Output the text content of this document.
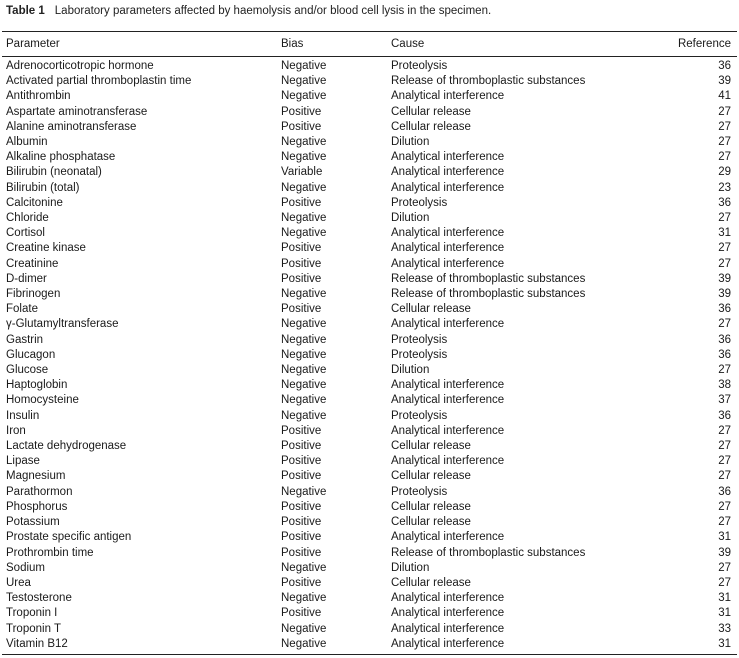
Table 1 Laboratory parameters affected by haemolysis and/or blood cell lysis in the specimen.
Parameter	Bias	Cause	Reference

Adrenocorticotropic hormone	Negative	Proteolysis	36
Activated partial thromboplastin time	Negative	Release of thromboplastic substances	39
Antithrombin	Negative	Analytical interference	41
Aspartate aminotransferase	Positive	Cellular release	27
Alanine aminotransferase	Positive	Cellular release	27
Albumin	Negative	Dilution	27
Alkaline phosphatase	Negative	Analytical interference	27
Bilirubin (neonatal)	Variable	Analytical interference	29
Bilirubin (total)	Negative	Analytical interference	23
Calcitonine	Positive	Proteolysis	36
Chloride	Negative	Dilution	27
Cortisol	Negative	Analytical interference	31
Creatine kinase	Positive	Analytical interference	27
Creatinine	Positive	Analytical interference	27
D-dimer	Positive	Release of thromboplastic substances	39
Fibrinogen	Negative	Release of thromboplastic substances	39
Folate	Positive	Cellular release	36
γ-Glutamyltransferase	Negative	Analytical interference	27
Gastrin	Negative	Proteolysis	36
Glucagon	Negative	Proteolysis	36
Glucose	Negative	Dilution	27
Haptoglobin	Negative	Analytical interference	38
Homocysteine	Negative	Analytical interference	37
Insulin	Negative	Proteolysis	36
Iron	Positive	Analytical interference	27
Lactate dehydrogenase	Positive	Cellular release	27
Lipase	Positive	Analytical interference	27
Magnesium	Positive	Cellular release	27
Parathormon	Negative	Proteolysis	36
Phosphorus	Positive	Cellular release	27
Potassium	Positive	Cellular release	27
Prostate specific antigen	Positive	Analytical interference	31
Prothrombin time	Positive	Release of thromboplastic substances	39
Sodium	Negative	Dilution	27
Urea	Positive	Cellular release	27
Testosterone	Negative	Analytical interference	31
Troponin I	Positive	Analytical interference	31
Troponin T	Negative	Analytical interference	33
Vitamin B12	Negative	Analytical interference	31
